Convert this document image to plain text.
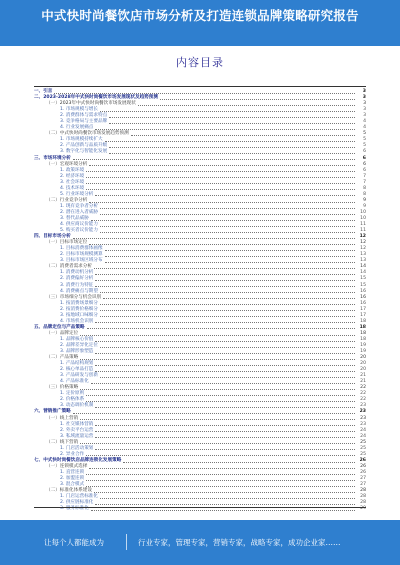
中式快时尚餐饮店市场分析及打造连锁品牌策略研究报告
内容目录
一、引言	3
二、2023-2028年中式快时尚餐饮市场发展现状及趋势预测	3
（一）2023年中式快时尚餐饮市场发展现状	3
1. 市场规模与增长	3
2. 消费群体与需求特点	3
3. 竞争格局与主要品牌	4
4. 行业发展痛点	4
（二）中式快时尚餐饮市场发展趋势预测	5
1. 市场规模持续扩大	5
2. 产品创新与品质升级	5
3. 数字化与智能化发展	6
三、市场环境分析	6
（一）宏观环境分析	6
1. 政策环境	6
2. 经济环境	7
3. 社会环境	7
4. 技术环境	8
5. 行业环境分析	8
（二）行业竞争分析	9
1. 现有竞争者分析	9
2. 潜在进入者威胁	10
3. 替代品威胁	10
4. 供应商议价能力	11
5. 购买者议价能力	11
四、目标市场分析	12
（一）目标市场定位	12
1. 目标消费群体画像	12
2. 目标市场规模测算	13
3. 目标市场区域分布	13
（二）消费者需求分析	14
1. 消费动机分析	14
2. 消费偏好分析	15
3. 消费行为特征	15
4. 消费痛点与期望	16
（三）市场细分与机会识别	16
1. 按消费场景细分	16
2. 按消费价格细分	17
3. 按地域口味细分	17
4. 市场机会识别	18
五、品牌定位与产品策略	18
（一）品牌定位	18
1. 品牌核心价值	18
2. 品牌差异化定位	19
3. 品牌形象塑造	19
（二）产品策略	20
1. 产品结构规划	20
2. 核心单品打造	20
3. 产品研发与创新	21
4. 产品标准化	21
（三）价格策略	22
1. 定价原则	22
2. 价格体系	22
3. 动态调价机制	23
六、营销推广策略	23
（一）线上营销	23
1. 社交媒体营销	23
2. 外卖平台运营	24
3. 私域流量运营	24
（二）线下营销	25
1. 门店活动策划	25
2. 异业合作	25
七、中式快时尚餐饮店品牌连锁化发展策略	26
（一）连锁模式选择	26
1. 直营连锁	26
2. 加盟连锁	27
3. 混合模式	27
（二）标准化体系建设	28
1. 门店运营标准化	28
2. 供应链标准化	28
3. 服务标准化	29
让每个人都能成为	行业专家，管理专家，营销专家，战略专家，成功企业家……
